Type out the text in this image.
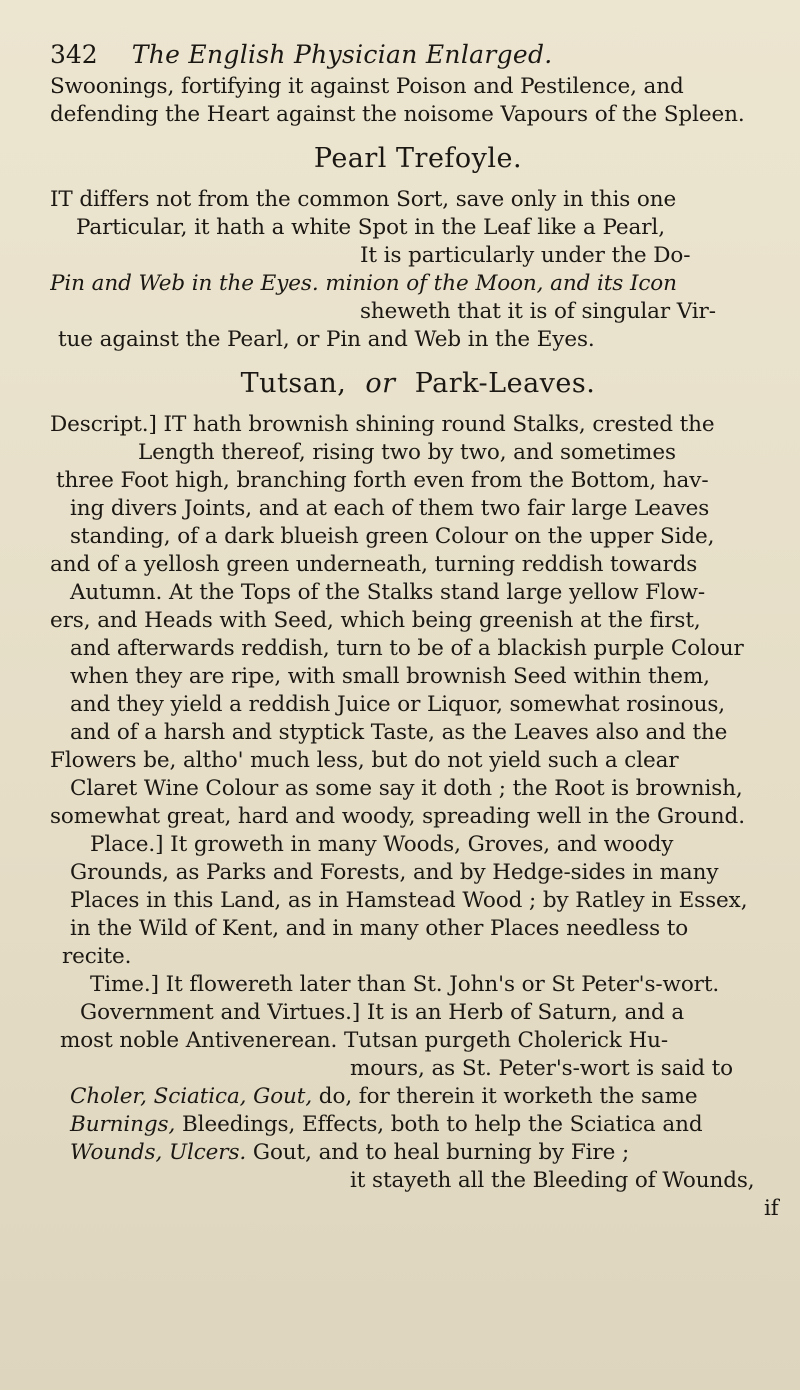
342 The English Physician Enlarged.
Swoonings, fortifying it against Poison and Pestilence, and
defending the Heart against the noisome Vapours of the Spleen.
Pearl Trefoyle.
IT differs not from the common Sort, save only in this one
Particular, it hath a white Spot in the Leaf like a Pearl,
It is particularly under the Do-
Pin and Web in the Eyes. minion of the Moon, and its Icon
sheweth that it is of singular Vir-
tue against the Pearl, or Pin and Web in the Eyes.
Tutsan, or Park-Leaves.
Descript.] IT hath brownish shining round Stalks, crested the
Length thereof, rising two by two, and sometimes
three Foot high, branching forth even from the Bottom, hav-
ing divers Joints, and at each of them two fair large Leaves
standing, of a dark blueish green Colour on the upper Side,
and of a yellosh green underneath, turning reddish towards
Autumn. At the Tops of the Stalks stand large yellow Flow-
ers, and Heads with Seed, which being greenish at the first,
and afterwards reddish, turn to be of a blackish purple Colour
when they are ripe, with small brownish Seed within them,
and they yield a reddish Juice or Liquor, somewhat rosinous,
and of a harsh and styptick Taste, as the Leaves also and the
Flowers be, altho' much less, but do not yield such a clear
Claret Wine Colour as some say it doth ; the Root is brownish,
somewhat great, hard and woody, spreading well in the Ground.
Place.] It groweth in many Woods, Groves, and woody
Grounds, as Parks and Forests, and by Hedge-sides in many
Places in this Land, as in Hamstead Wood ; by Ratley in Essex,
in the Wild of Kent, and in many other Places needless to
recite.
Time.] It flowereth later than St. John's or St Peter's-wort.
Government and Virtues.] It is an Herb of Saturn, and a
most noble Antivenerean. Tutsan purgeth Cholerick Hu-
mours, as St. Peter's-wort is said to
Choler, Sciatica, Gout, do, for therein it worketh the same
Burnings, Bleedings, Effects, both to help the Sciatica and
Wounds, Ulcers. Gout, and to heal burning by Fire ;
it stayeth all the Bleeding of Wounds,
if
